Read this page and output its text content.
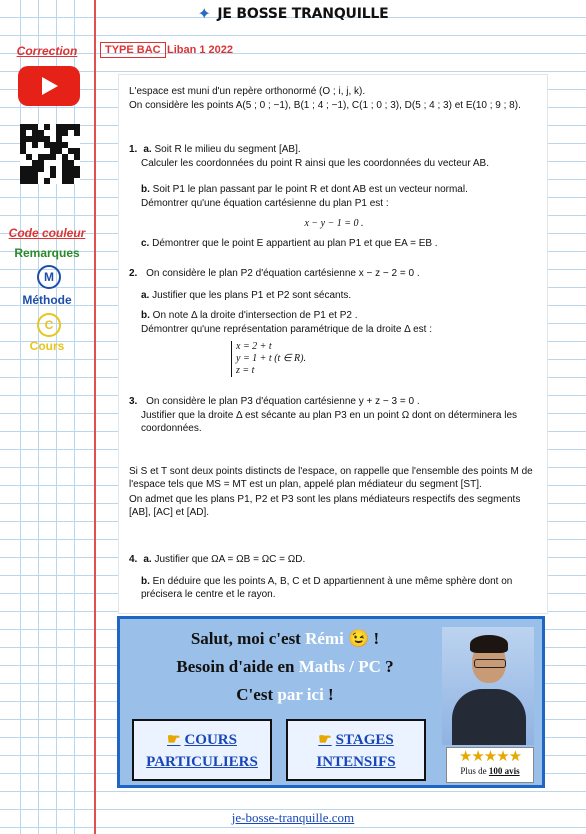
✦ JE BOSSE TRANQUILLE
Correction
Code couleur
Remarques
M
Méthode
C
Cours
TYPE BAC Liban 1 2022
L'espace est muni d'un repère orthonormé (O ; i, j, k).
On considère les points A(5 ; 0 ; −1), B(1 ; 4 ; −1), C(1 ; 0 ; 3), D(5 ; 4 ; 3) et E(10 ; 9 ; 8).
1. a. Soit R le milieu du segment [AB].
Calculer les coordonnées du point R ainsi que les coordonnées du vecteur AB.
b. Soit P1 le plan passant par le point R et dont AB est un vecteur normal.
Démontrer qu'une équation cartésienne du plan P1 est :
x − y − 1 = 0 .
c. Démontrer que le point E appartient au plan P1 et que EA = EB .
2. On considère le plan P2 d'équation cartésienne x − z − 2 = 0 .
a. Justifier que les plans P1 et P2 sont sécants.
b. On note Δ la droite d'intersection de P1 et P2 .
Démontrer qu'une représentation paramétrique de la droite Δ est :
x = 2 + t
y = 1 + t (t ∈ R).
z = t
3. On considère le plan P3 d'équation cartésienne y + z − 3 = 0 .
Justifier que la droite Δ est sécante au plan P3 en un point Ω dont on déterminera les coordonnées.
Si S et T sont deux points distincts de l'espace, on rappelle que l'ensemble des points M de l'espace tels que MS = MT est un plan, appelé plan médiateur du segment [ST].
On admet que les plans P1, P2 et P3 sont les plans médiateurs respectifs des segments [AB], [AC] et [AD].
4. a. Justifier que ΩA = ΩB = ΩC = ΩD.
b. En déduire que les points A, B, C et D appartiennent à une même sphère dont on précisera le centre et le rayon.
Salut, moi c'est Rémi 😉 !
Besoin d'aide en Maths / PC ?
C'est par ici !
☛ COURS
PARTICULIERS
☛ STAGES
INTENSIFS	★★★★★
Plus de 100 avis
je-bosse-tranquille.com
